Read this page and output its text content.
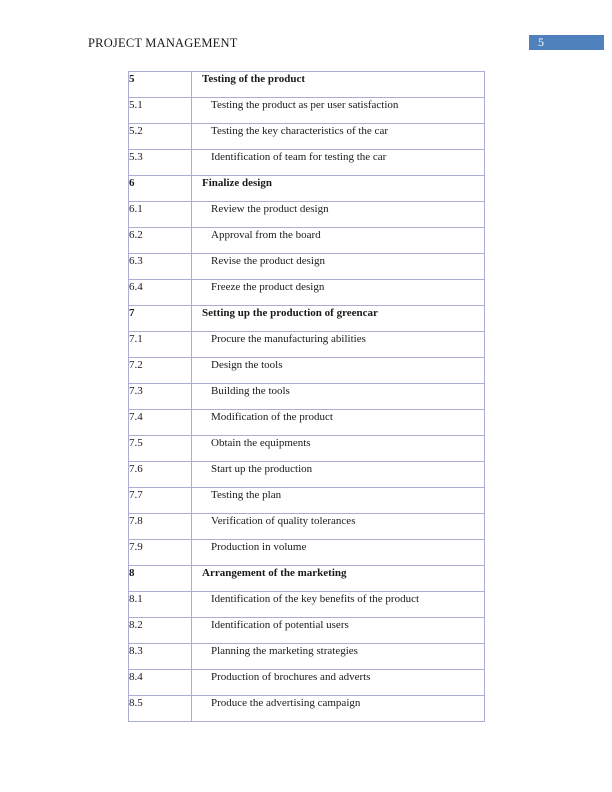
PROJECT MANAGEMENT	5
5	Testing of the product
5.1	Testing the product as per user satisfaction
5.2	Testing the key characteristics of the car
5.3	Identification of team for testing the car
6	Finalize design
6.1	Review the product design
6.2	Approval from the board
6.3	Revise the product design
6.4	Freeze the product design
7	Setting up the production of greencar
7.1	Procure the manufacturing abilities
7.2	Design the tools
7.3	Building the tools
7.4	Modification of the product
7.5	Obtain the equipments
7.6	Start up the production
7.7	Testing the plan
7.8	Verification of quality tolerances
7.9	Production in volume
8	Arrangement of the marketing
8.1	Identification of the key benefits of the product
8.2	Identification of potential users
8.3	Planning the marketing strategies
8.4	Production of brochures and adverts
8.5	Produce the advertising campaign
